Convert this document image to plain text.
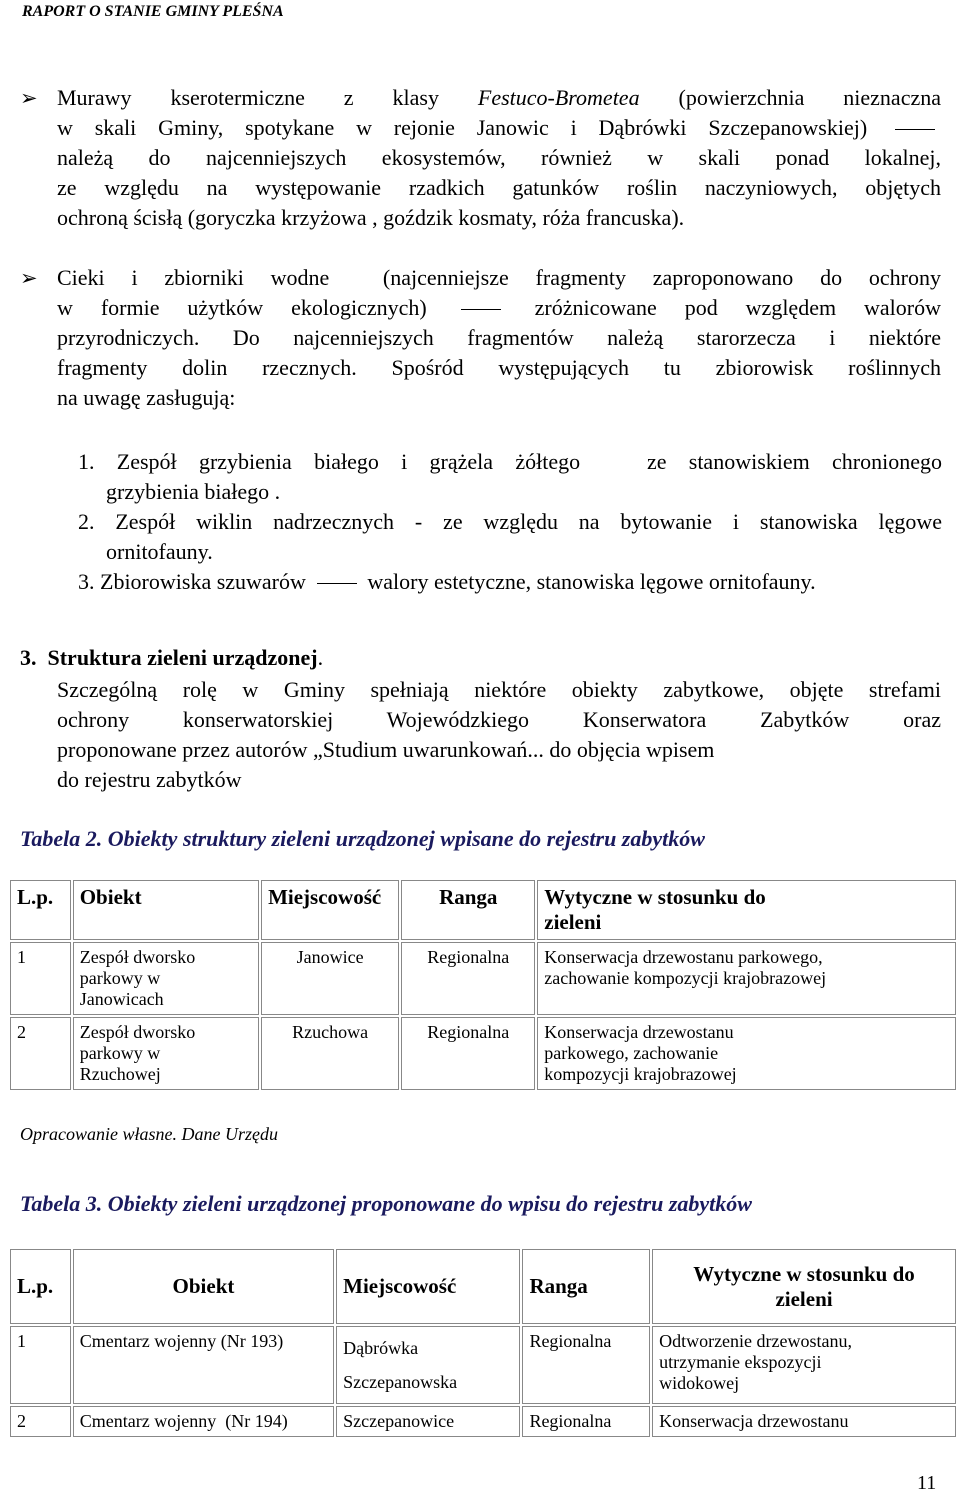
RAPORT O STANIE GMINY PLEŚNA
➢ Murawy kserotermiczne z klasy Festuco-Brometea (powierzchnia nieznaczna
w skali Gminy, spotykane w rejonie Janowic i Dąbrówki Szczepanowskiej)
należą do najcenniejszych ekosystemów, również w skali ponad lokalnej,
ze względu na występowanie rzadkich gatunków roślin naczyniowych, objętych
ochroną ścisłą (goryczka krzyżowa , goździk kosmaty, róża francuska).
➢ Cieki i zbiorniki wodne  (najcenniejsze fragmenty zaproponowano do ochrony
w formie użytków ekologicznych)  zróżnicowane pod względem walorów
przyrodniczych. Do najcenniejszych fragmentów należą starorzecza i niektóre
fragmenty dolin rzecznych. Spośród występujących tu zbiorowisk roślinnych
na uwagę zasługują:
1. Zespół grzybienia białego i grążela żółtego   ze stanowiskiem chronionego
grzybienia białego .
2. Zespół wiklin nadrzecznych - ze względu na bytowanie i stanowiska lęgowe
ornitofauny.
3. Zbiorowiska szuwarów	walory estetyczne, stanowiska lęgowe ornitofauny.
3. Struktura zieleni urządzonej.
Szczególną rolę w Gminy spełniają niektóre obiekty zabytkowe, objęte strefami
ochrony konserwatorskiej Wojewódzkiego Konserwatora Zabytków oraz
proponowane przez autorów „Studium uwarunkowań... do objęcia wpisem
do rejestru zabytków
Tabela 2. Obiekty struktury zieleni urządzonej wpisane do rejestru zabytków
L.p.	Obiekt	Miejscowość	Ranga	Wytyczne w stosunku do zieleni
1	Zespół dworsko parkowy w Janowicach	Janowice	Regionalna	Konserwacja drzewostanu parkowego, zachowanie kompozycji krajobrazowej
2	Zespół dworsko parkowy w Rzuchowej	Rzuchowa	Regionalna	Konserwacja drzewostanu parkowego, zachowanie kompozycji krajobrazowej
Opracowanie własne. Dane Urzędu
Tabela 3. Obiekty zieleni urządzonej proponowane do wpisu do rejestru zabytków
L.p.	Obiekt	Miejscowość	Ranga	Wytyczne w stosunku do zieleni
1	Cmentarz wojenny (Nr 193)	Dąbrówka Szczepanowska	Regionalna	Odtworzenie drzewostanu, utrzymanie ekspozycji widokowej
2	Cmentarz wojenny  (Nr 194)	Szczepanowice	Regionalna	Konserwacja drzewostanu
11
